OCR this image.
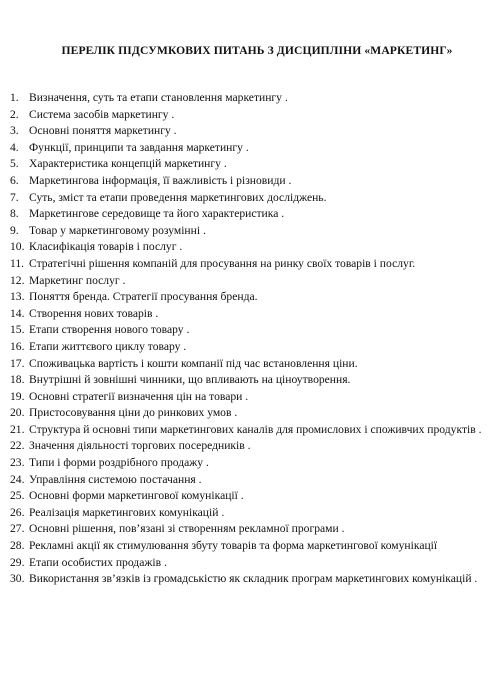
ПЕРЕЛІК ПІДСУМКОВИХ ПИТАНЬ З ДИСЦИПЛІНИ «МАРКЕТИНГ»
1. Визначення, суть та етапи становлення маркетингу .
2. Система засобів маркетингу .
3. Основні поняття маркетингу .
4. Функції, принципи та завдання маркетингу .
5. Характеристика концепцій маркетингу .
6. Маркетингова інформація, її важливість і різновиди .
7. Суть, зміст та етапи проведення маркетингових досліджень.
8. Маркетингове середовище та його характеристика .
9. Товар у маркетинговому розумінні .
10. Класифікація товарів і послуг .
11. Стратегічні рішення компаній для просування на ринку своїх товарів і послуг.
12. Маркетинг послуг .
13. Поняття бренда. Стратегії просування бренда.
14. Створення нових товарів .
15. Етапи створення нового товару .
16. Етапи життєвого циклу товару .
17. Споживацька вартість і кошти компанії під час встановлення ціни.
18. Внутрішні й зовнішні чинники, що впливають на ціноутворення.
19. Основні стратегії визначення цін на товари .
20. Пристосовування ціни до ринкових умов .
21. Структура й основні типи маркетингових каналів для промислових і споживчих продуктів .
22. Значення діяльності торгових посередників .
23. Типи і форми роздрібного продажу .
24. Управління системою постачання .
25. Основні форми маркетингової комунікації .
26. Реалізація маркетингових комунікацій .
27. Основні рішення, пов’язані зі створенням рекламної програми .
28. Рекламні акції як стимулювання збуту товарів та форма маркетингової комунікації
29. Етапи особистих продажів .
30. Використання зв’язків із громадськістю як складник програм маркетингових комунікацій .
